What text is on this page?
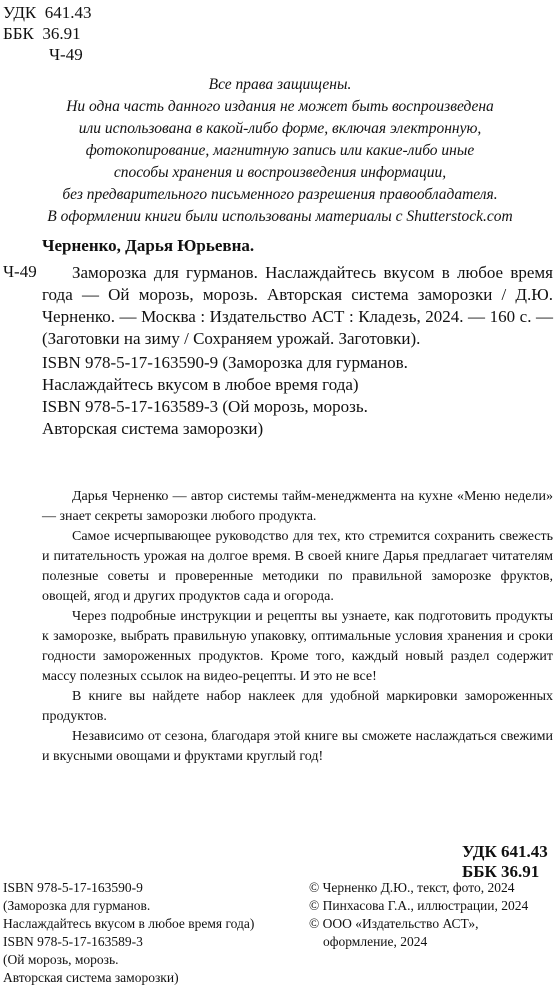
УДК 641.43
ББК 36.91
Ч-49
Все права защищены.
Ни одна часть данного издания не может быть воспроизведена
или использована в какой-либо форме, включая электронную,
фотокопирование, магнитную запись или какие-либо иные
способы хранения и воспроизведения информации,
без предварительного письменного разрешения правообладателя.
В оформлении книги были использованы материалы с Shutterstock.com
Черненко, Дарья Юрьевна.
Ч-49	Заморозка для гурманов. Наслаждайтесь вкусом в любое время года — Ой морозь, морозь. Авторская система заморозки / Д.Ю. Черненко. — Москва : Издательство АСТ : Кладезь, 2024. — 160 с. — (Заготовки на зиму / Сохраняем урожай. Заготовки).
ISBN 978-5-17-163590-9 (Заморозка для гурманов.
Наслаждайтесь вкусом в любое время года)
ISBN 978-5-17-163589-3 (Ой морозь, морозь.
Авторская система заморозки)

Дарья Черненко — автор системы тайм-менеджмента на кухне «Меню недели» — знает секреты заморозки любого продукта.

Самое исчерпывающее руководство для тех, кто стремится сохранить свежесть и питательность урожая на долгое время. В своей книге Дарья предлагает читателям полезные советы и проверенные методики по правильной заморозке фруктов, овощей, ягод и других продуктов сада и огорода.

Через подробные инструкции и рецепты вы узнаете, как подготовить продукты к заморозке, выбрать правильную упаковку, оптимальные условия хранения и сроки годности замороженных продуктов. Кроме того, каждый новый раздел содержит массу полезных ссылок на видео-рецепты. И это не все!

В книге вы найдете набор наклеек для удобной маркировки замороженных продуктов.

Независимо от сезона, благодаря этой книге вы сможете наслаждаться свежими и вкусными овощами и фруктами круглый год!

УДК 641.43
ББК 36.91
ISBN 978-5-17-163590-9
(Заморозка для гурманов.
Наслаждайтесь вкусом в любое время года)
ISBN 978-5-17-163589-3
(Ой морозь, морозь.
Авторская система заморозки)
© Черненко Д.Ю., текст, фото, 2024
© Пинхасова Г.А., иллюстрации, 2024
© ООО «Издательство АСТ»,
оформление, 2024
